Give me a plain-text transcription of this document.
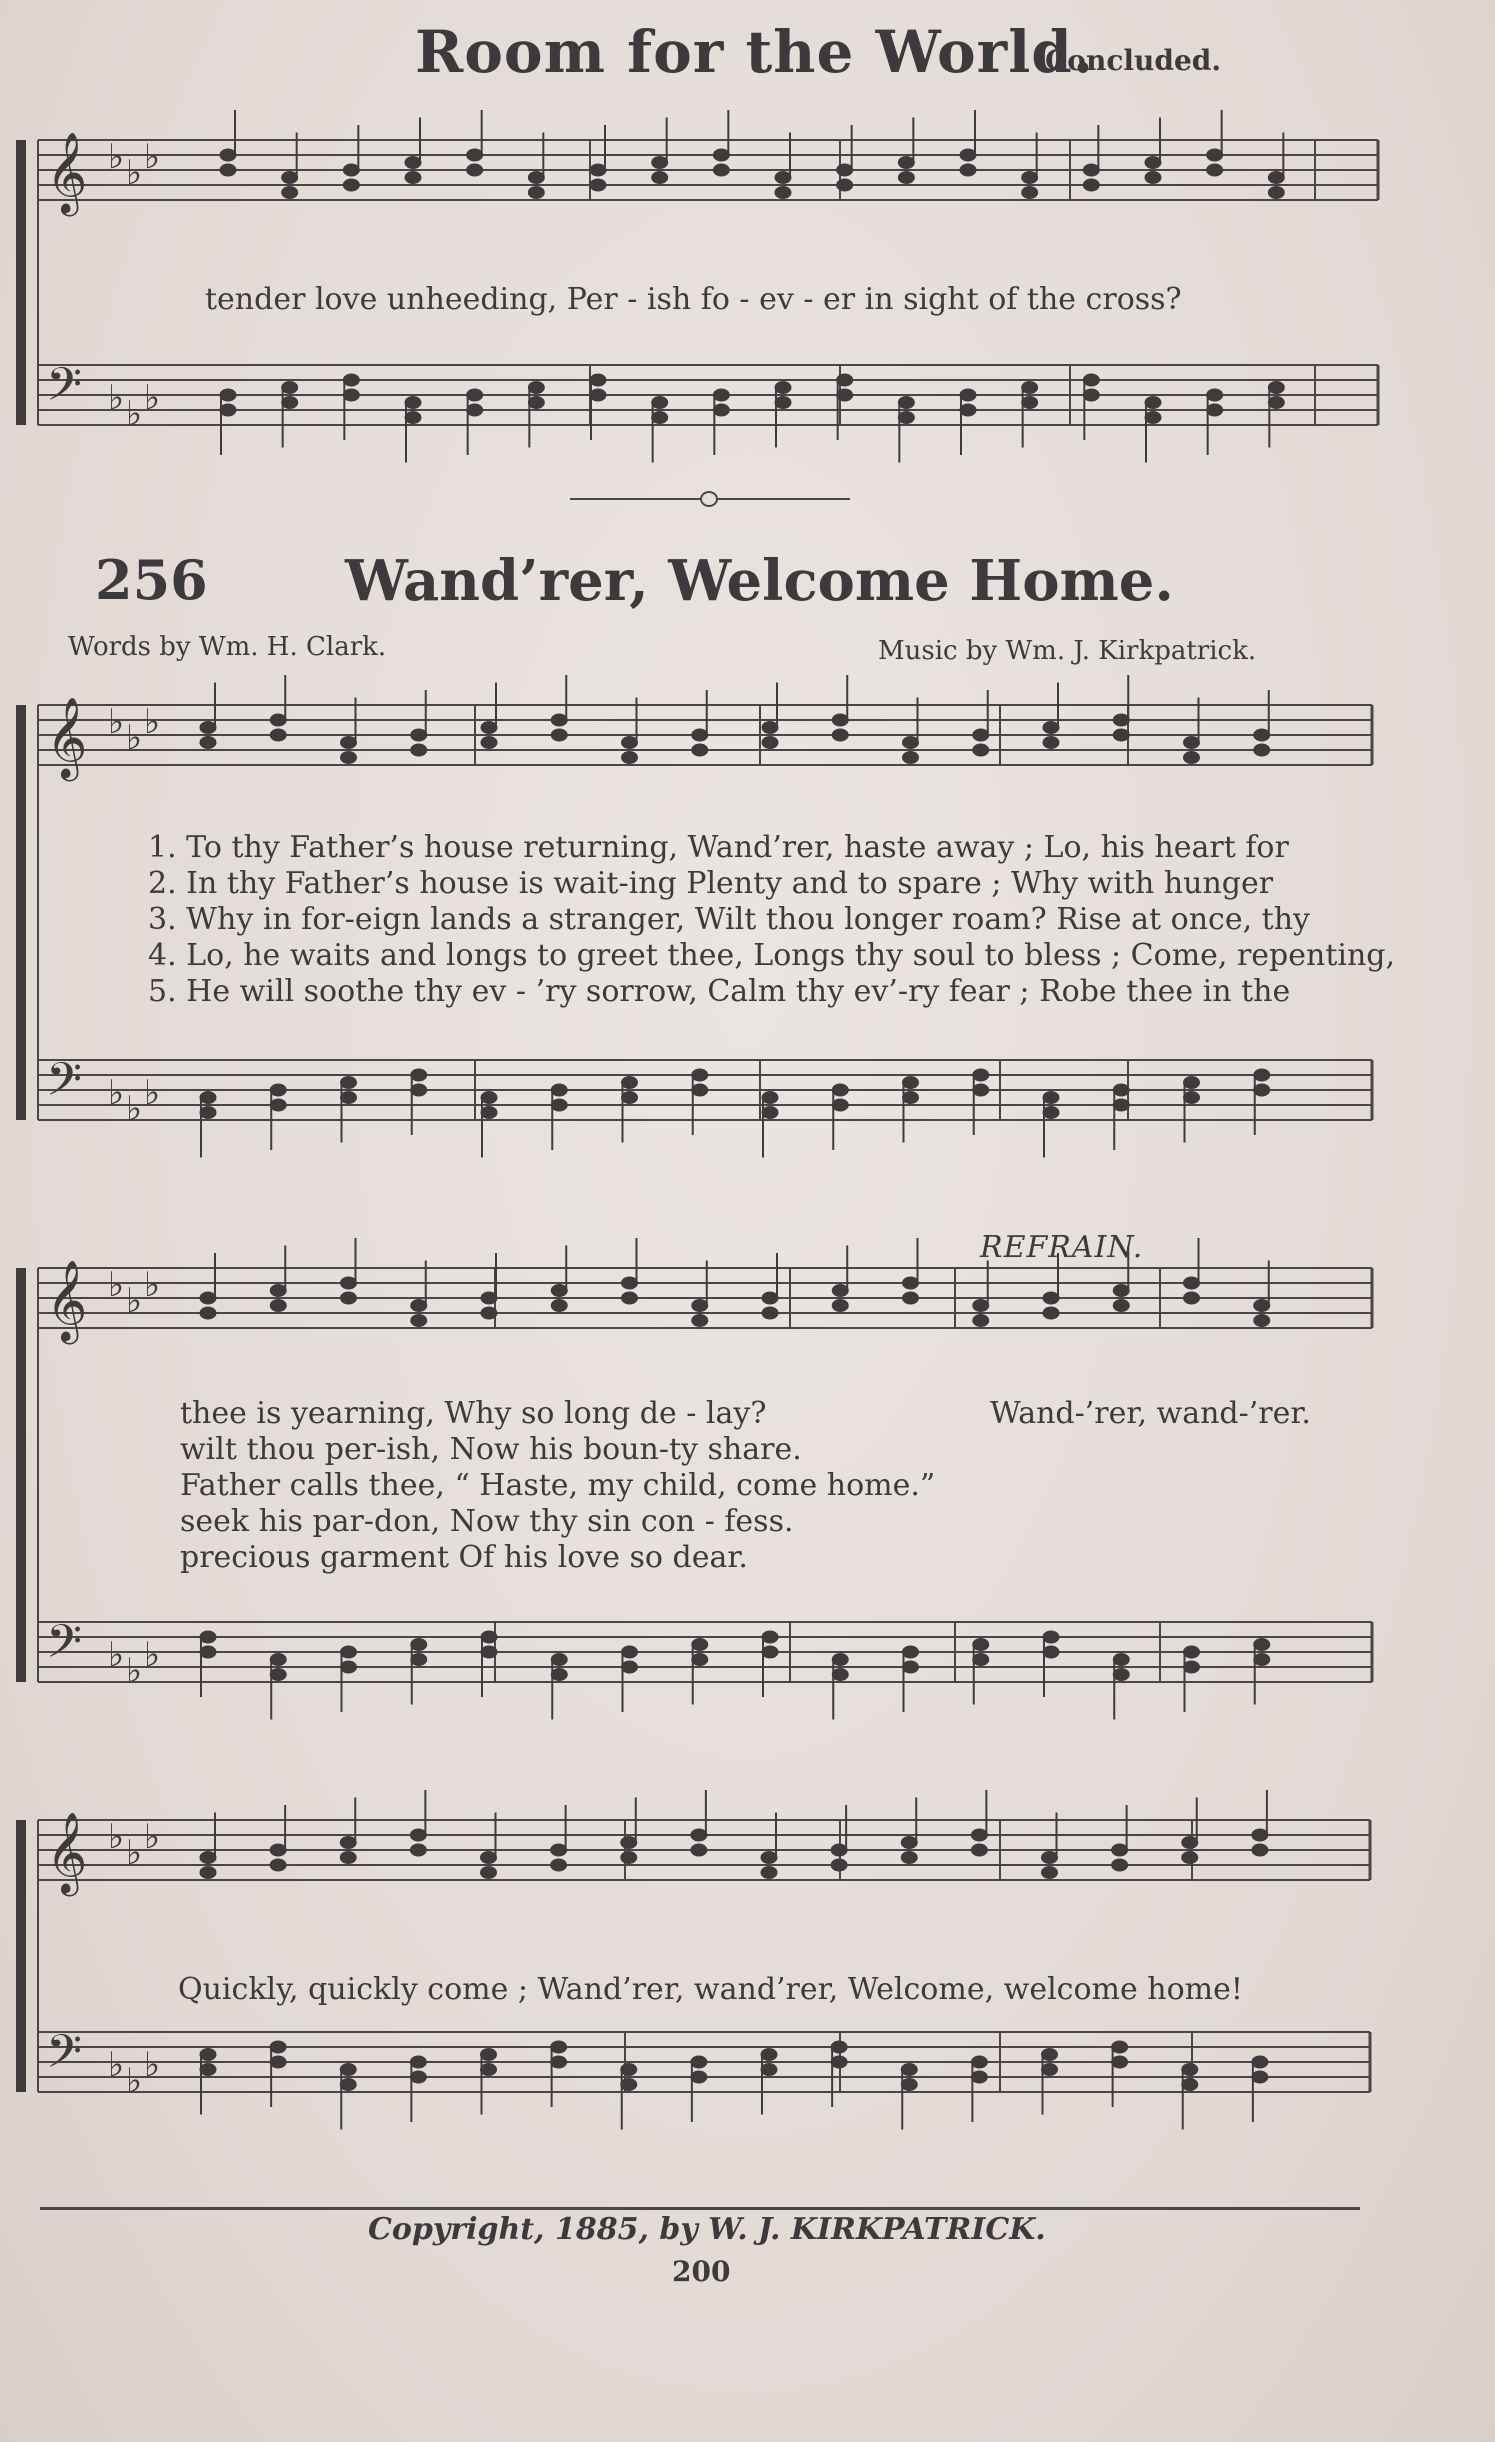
𝄞
𝄢
♭
♭
♭
♭
♭
♭
𝄞
𝄢
♭
♭
♭
♭
♭
♭
𝄞
𝄢
♭
♭
♭
♭
♭
♭
𝄞
𝄢
♭
♭
♭
♭
♭
♭
Room for the World.
Concluded.
tender love unheeding, Per - ish fo - ev - er in sight of the cross?
256 Wand’rer, Welcome Home.
Words by Wm. H. Clark.	Music by Wm. J. Kirkpatrick.
1. To thy Father’s house returning, Wand’rer, haste away ; Lo, his heart for
2. In thy Father’s house is wait-ing Plenty and to spare ; Why with hunger
3. Why in for-eign lands a stranger, Wilt thou longer roam? Rise at once, thy
4. Lo, he waits and longs to greet thee, Longs thy soul to bless ; Come, repenting,
5. He will soothe thy ev - ’ry sorrow, Calm thy ev’-ry fear ; Robe thee in the
REFRAIN.
thee is yearning, Why so long de - lay?
wilt thou per-ish, Now his boun-ty share.
Father calls thee, “ Haste, my child, come home.”
seek his par-don, Now thy sin con - fess.
precious garment Of his love so dear.
Wand-’rer, wand-’rer.
Quickly, quickly come ; Wand’rer, wand’rer, Welcome, welcome home!
Copyright, 1885, by W. J. KIRKPATRICK.
200
